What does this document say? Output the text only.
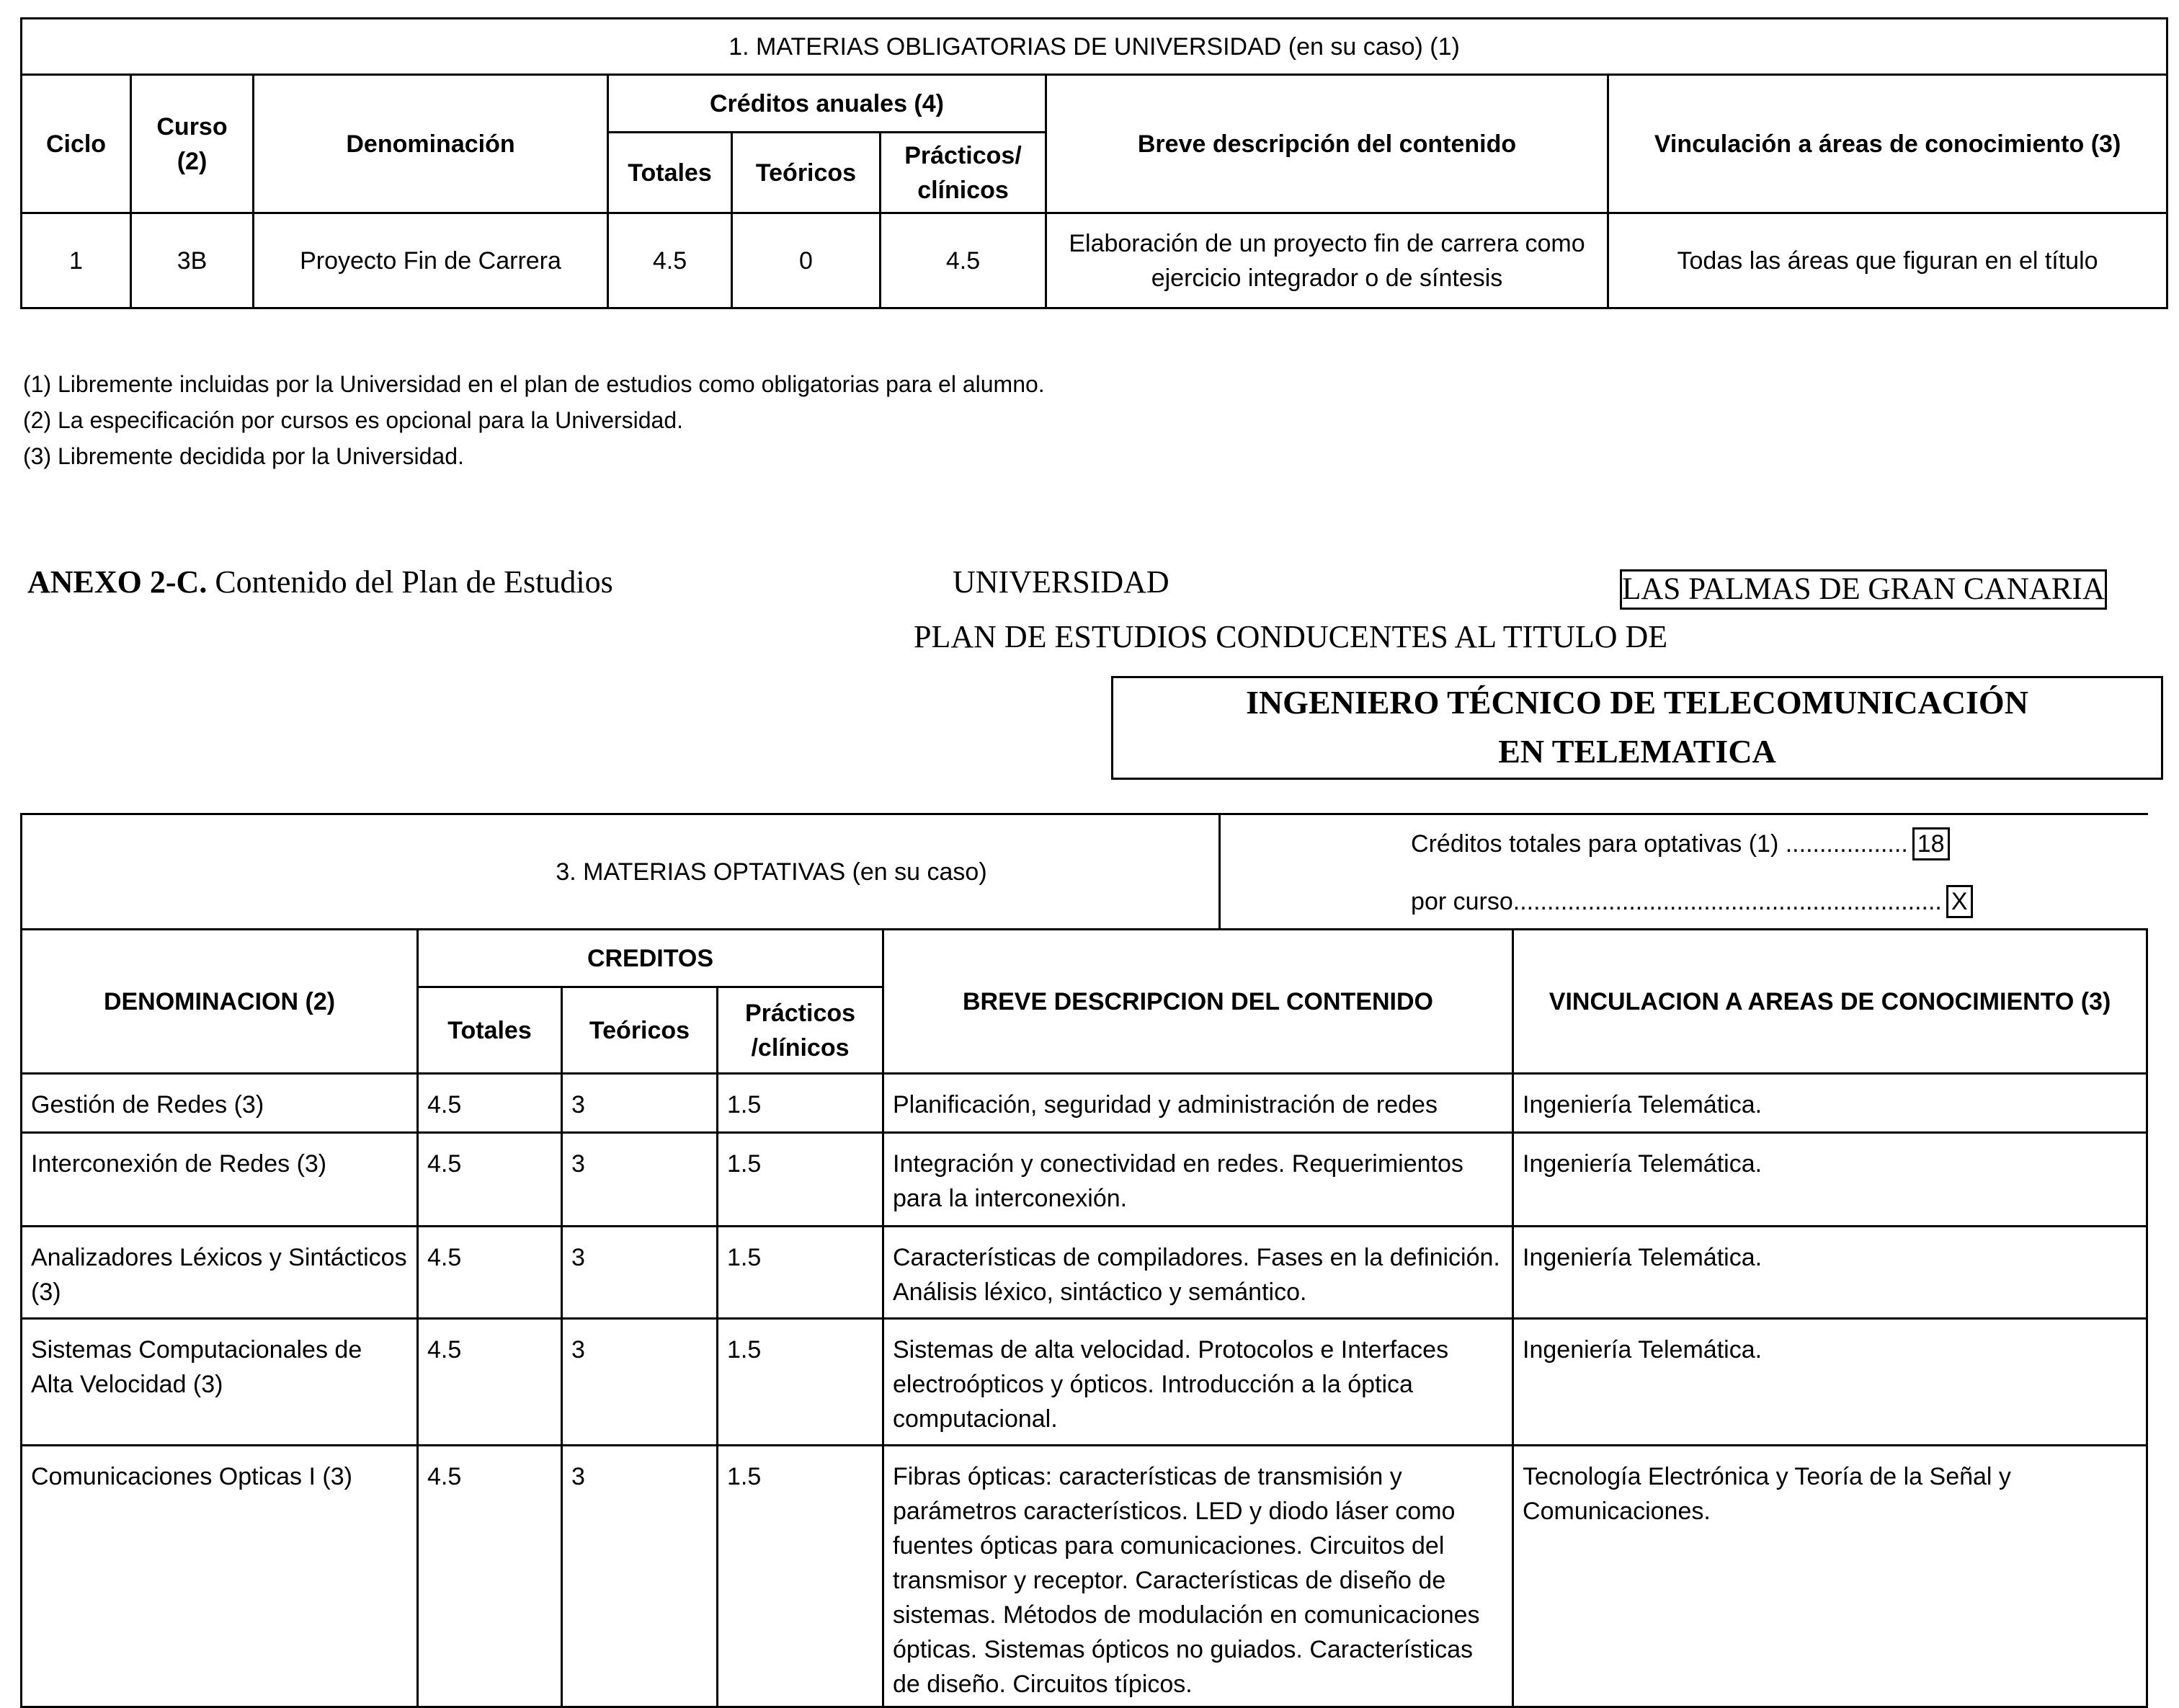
1. MATERIAS OBLIGATORIAS DE UNIVERSIDAD (en su caso) (1)							
Ciclo	Curso (2)	Denominación	Créditos anuales (4)			Breve descripción del contenido	Vinculación a áreas de conocimiento (3)
			Totales	Teóricos	Prácticos/ clínicos		
1	3B	Proyecto Fin de Carrera	4.5	0	4.5	Elaboración de un proyecto fin de carrera como ejercicio integrador o de síntesis	Todas las áreas que figuran en el título
(1) Libremente incluidas por la Universidad en el plan de estudios como obligatorias para el alumno.
(2) La especificación por cursos es opcional para la Universidad.
(3) Libremente decidida por la Universidad.
ANEXO 2-C. Contenido del Plan de Estudios	UNIVERSIDAD	LAS PALMAS DE GRAN CANARIA
PLAN DE ESTUDIOS CONDUCENTES AL TITULO DE
INGENIERO TÉCNICO DE TELECOMUNICACIÓN
EN TELEMATICA
3. MATERIAS OPTATIVAS (en su caso)					Créditos totales para optativas (1) .................. 18
por curso............................................................... X

DENOMINACION (2)	CREDITOS			BREVE DESCRIPCION DEL CONTENIDO	VINCULACION A AREAS DE CONOCIMIENTO (3)
	Totales	Teóricos	Prácticos /clínicos		
Gestión de Redes (3)	4.5	3	1.5	Planificación, seguridad y administración de redes	Ingeniería Telemática.
Interconexión de Redes (3)	4.5	3	1.5	Integración y conectividad en redes. Requerimientos para la interconexión.	Ingeniería Telemática.
Analizadores Léxicos y Sintácticos (3)	4.5	3	1.5	Características de compiladores. Fases en la definición. Análisis léxico, sintáctico y semántico.	Ingeniería Telemática.
Sistemas Computacionales de Alta Velocidad (3)	4.5	3	1.5	Sistemas de alta velocidad. Protocolos e Interfaces electroópticos y ópticos. Introducción a la óptica computacional.	Ingeniería Telemática.
Comunicaciones Opticas I (3)	4.5	3	1.5	Fibras ópticas: características de transmisión y parámetros característicos. LED y diodo láser como fuentes ópticas para comunicaciones. Circuitos del transmisor y receptor. Características de diseño de sistemas. Métodos de modulación en comunicaciones ópticas. Sistemas ópticos no guiados. Características de diseño. Circuitos típicos.	Tecnología Electrónica y Teoría de la Señal y Comunicaciones.
